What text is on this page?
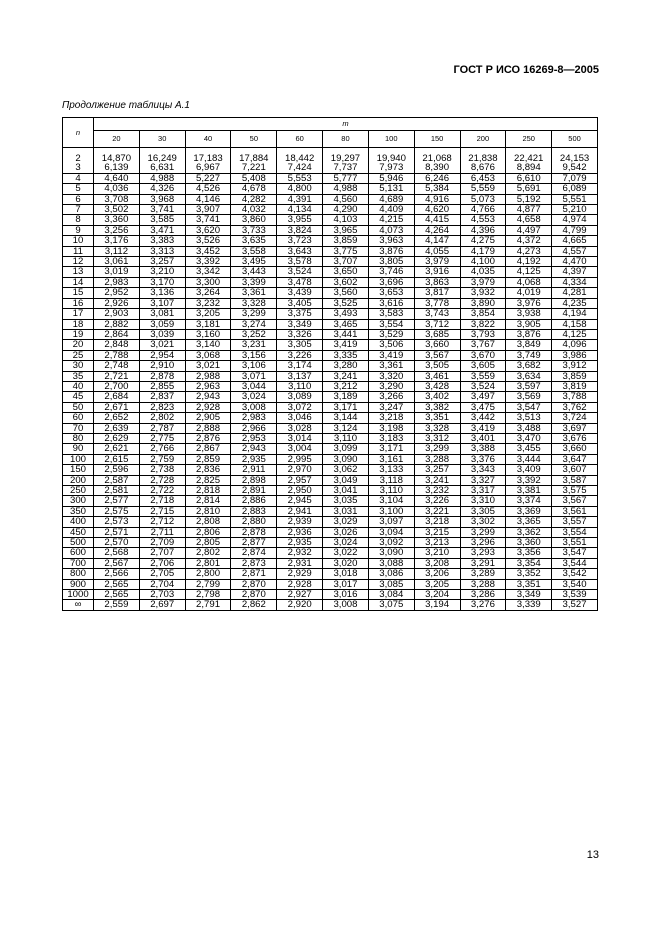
ГОСТ Р ИСО 16269-8—2005
Продолжение таблицы А.1
n	m										
	20	30	40	50	60	80	100	150	200	250	500
2	14,870	16,249	17,183	17,884	18,442	19,297	19,940	21,068	21,838	22,421	24,153
3	6,139	6,631	6,967	7,221	7,424	7,737	7,973	8,390	8,676	8,894	9,542
4	4,640	4,988	5,227	5,408	5,553	5,777	5,946	6,246	6,453	6,610	7,079
5	4,036	4,326	4,526	4,678	4,800	4,988	5,131	5,384	5,559	5,691	6,089
6	3,708	3,968	4,146	4,282	4,391	4,560	4,689	4,916	5,073	5,192	5,551
7	3,502	3,741	3,907	4,032	4,134	4,290	4,409	4,620	4,766	4,877	5,210
8	3,360	3,585	3,741	3,860	3,955	4,103	4,215	4,415	4,553	4,658	4,974
9	3,256	3,471	3,620	3,733	3,824	3,965	4,073	4,264	4,396	4,497	4,799
10	3,176	3,383	3,526	3,635	3,723	3,859	3,963	4,147	4,275	4,372	4,665
11	3,112	3,313	3,452	3,558	3,643	3,775	3,876	4,055	4,179	4,273	4,557
12	3,061	3,257	3,392	3,495	3,578	3,707	3,805	3,979	4,100	4,192	4,470
13	3,019	3,210	3,342	3,443	3,524	3,650	3,746	3,916	4,035	4,125	4,397
14	2,983	3,170	3,300	3,399	3,478	3,602	3,696	3,863	3,979	4,068	4,334
15	2,952	3,136	3,264	3,361	3,439	3,560	3,653	3,817	3,932	4,019	4,281
16	2,926	3,107	3,232	3,328	3,405	3,525	3,616	3,778	3,890	3,976	4,235
17	2,903	3,081	3,205	3,299	3,375	3,493	3,583	3,743	3,854	3,938	4,194
18	2,882	3,059	3,181	3,274	3,349	3,465	3,554	3,712	3,822	3,905	4,158
19	2,864	3,039	3,160	3,252	3,326	3,441	3,529	3,685	3,793	3,876	4,125
20	2,848	3,021	3,140	3,231	3,305	3,419	3,506	3,660	3,767	3,849	4,096
25	2,788	2,954	3,068	3,156	3,226	3,335	3,419	3,567	3,670	3,749	3,986
30	2,748	2,910	3,021	3,106	3,174	3,280	3,361	3,505	3,605	3,682	3,912
35	2,721	2,878	2,988	3,071	3,137	3,241	3,320	3,461	3,559	3,634	3,859
40	2,700	2,855	2,963	3,044	3,110	3,212	3,290	3,428	3,524	3,597	3,819
45	2,684	2,837	2,943	3,024	3,089	3,189	3,266	3,402	3,497	3,569	3,788
50	2,671	2,823	2,928	3,008	3,072	3,171	3,247	3,382	3,475	3,547	3,762
60	2,652	2,802	2,905	2,983	3,046	3,144	3,218	3,351	3,442	3,513	3,724
70	2,639	2,787	2,888	2,966	3,028	3,124	3,198	3,328	3,419	3,488	3,697
80	2,629	2,775	2,876	2,953	3,014	3,110	3,183	3,312	3,401	3,470	3,676
90	2,621	2,766	2,867	2,943	3,004	3,099	3,171	3,299	3,388	3,455	3,660
100	2,615	2,759	2,859	2,935	2,995	3,090	3,161	3,288	3,376	3,444	3,647
150	2,596	2,738	2,836	2,911	2,970	3,062	3,133	3,257	3,343	3,409	3,607
200	2,587	2,728	2,825	2,898	2,957	3,049	3,118	3,241	3,327	3,392	3,587
250	2,581	2,722	2,818	2,891	2,950	3,041	3,110	3,232	3,317	3,381	3,575
300	2,577	2,718	2,814	2,886	2,945	3,035	3,104	3,226	3,310	3,374	3,567
350	2,575	2,715	2,810	2,883	2,941	3,031	3,100	3,221	3,305	3,369	3,561
400	2,573	2,712	2,808	2,880	2,939	3,029	3,097	3,218	3,302	3,365	3,557
450	2,571	2,711	2,806	2,878	2,936	3,026	3,094	3,215	3,299	3,362	3,554
500	2,570	2,709	2,805	2,877	2,935	3,024	3,092	3,213	3,296	3,360	3,551
600	2,568	2,707	2,802	2,874	2,932	3,022	3,090	3,210	3,293	3,356	3,547
700	2,567	2,706	2,801	2,873	2,931	3,020	3,088	3,208	3,291	3,354	3,544
800	2,566	2,705	2,800	2,871	2,929	3,018	3,086	3,206	3,289	3,352	3,542
900	2,565	2,704	2,799	2,870	2,928	3,017	3,085	3,205	3,288	3,351	3,540
1000	2,565	2,703	2,798	2,870	2,927	3,016	3,084	3,204	3,286	3,349	3,539
∞	2,559	2,697	2,791	2,862	2,920	3,008	3,075	3,194	3,276	3,339	3,527
13
